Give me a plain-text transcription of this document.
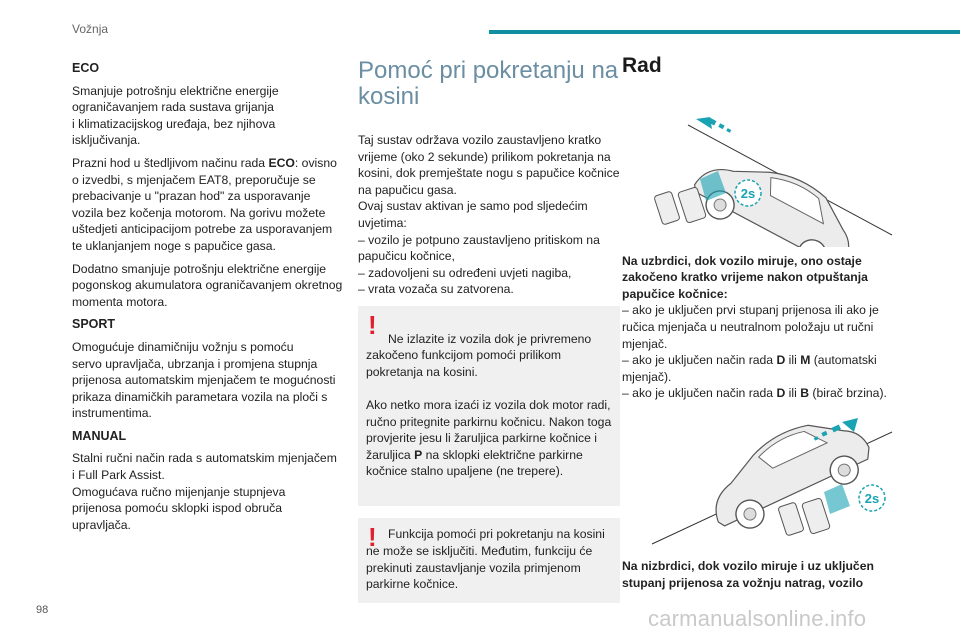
Vožnja
ECO
Smanjuje potrošnju električne energije
ograničavanjem rada sustava grijanja
i klimatizacijskog uređaja, bez njihova
isključivanja.
Prazni hod u štedljivom načinu rada ECO: ovisno o izvedbi, s mjenjačem EAT8, preporučuje se prebacivanje u "prazan hod" za usporavanje vozila bez kočenja motorom. Na gorivu možete uštedjeti anticipacijom potrebe za usporavanjem te uklanjanjem noge s papučice gasa.
Dodatno smanjuje potrošnju električne energije pogonskog akumulatora ograničavanjem okretnog momenta motora.
SPORT
Omogućuje dinamičniju vožnju s pomoću
servo upravljača, ubrzanja i promjena stupnja
prijenosa automatskim mjenjačem te mogućnosti
prikaza dinamičkih parametara vozila na ploči s
instrumentima.
MANUAL
Stalni ručni način rada s automatskim mjenjačem
i Full Park Assist.
Omogućava ručno mijenjanje stupnjeva
prijenosa pomoću sklopki ispod obruča
upravljača.
Pomoć pri pokretanju na kosini
Taj sustav održava vozilo zaustavljeno kratko vrijeme (oko 2 sekunde) prilikom pokretanja na kosini, dok premještate nogu s papučice kočnice na papučicu gasa.
Ovaj sustav aktivan je samo pod sljedećim uvjetima:
– vozilo je potpuno zaustavljeno pritiskom na papučicu kočnice,
– zadovoljeni su određeni uvjeti nagiba,
– vrata vozača su zatvorena.
! Ne izlazite iz vozila dok je privremeno zakočeno funkcijom pomoći prilikom pokretanja na kosini.

Ako netko mora izaći iz vozila dok motor radi, ručno pritegnite parkirnu kočnicu. Nakon toga provjerite jesu li žaruljica parkirne kočnice i žaruljica P na sklopki električne parkirne kočnice stalno upaljene (ne trepere).

! Funkcija pomoći pri pokretanju na kosini ne može se isključiti. Međutim, funkciju će prekinuti zaustavljanje vozila primjenom parkirne kočnice.
Rad
2s
Na uzbrdici, dok vozilo miruje, ono ostaje zakočeno kratko vrijeme nakon otpuštanja papučice kočnice:
– ako je uključen prvi stupanj prijenosa ili ako je ručica mjenjača u neutralnom položaju ut ručni mjenjač.
– ako je uključen način rada D ili M (automatski mjenjač).
– ako je uključen način rada D ili B (birač brzina).
2s
Na nizbrdici, dok vozilo miruje i uz uključen stupanj prijenosa za vožnju natrag, vozilo
98	carmanualsonline.info
